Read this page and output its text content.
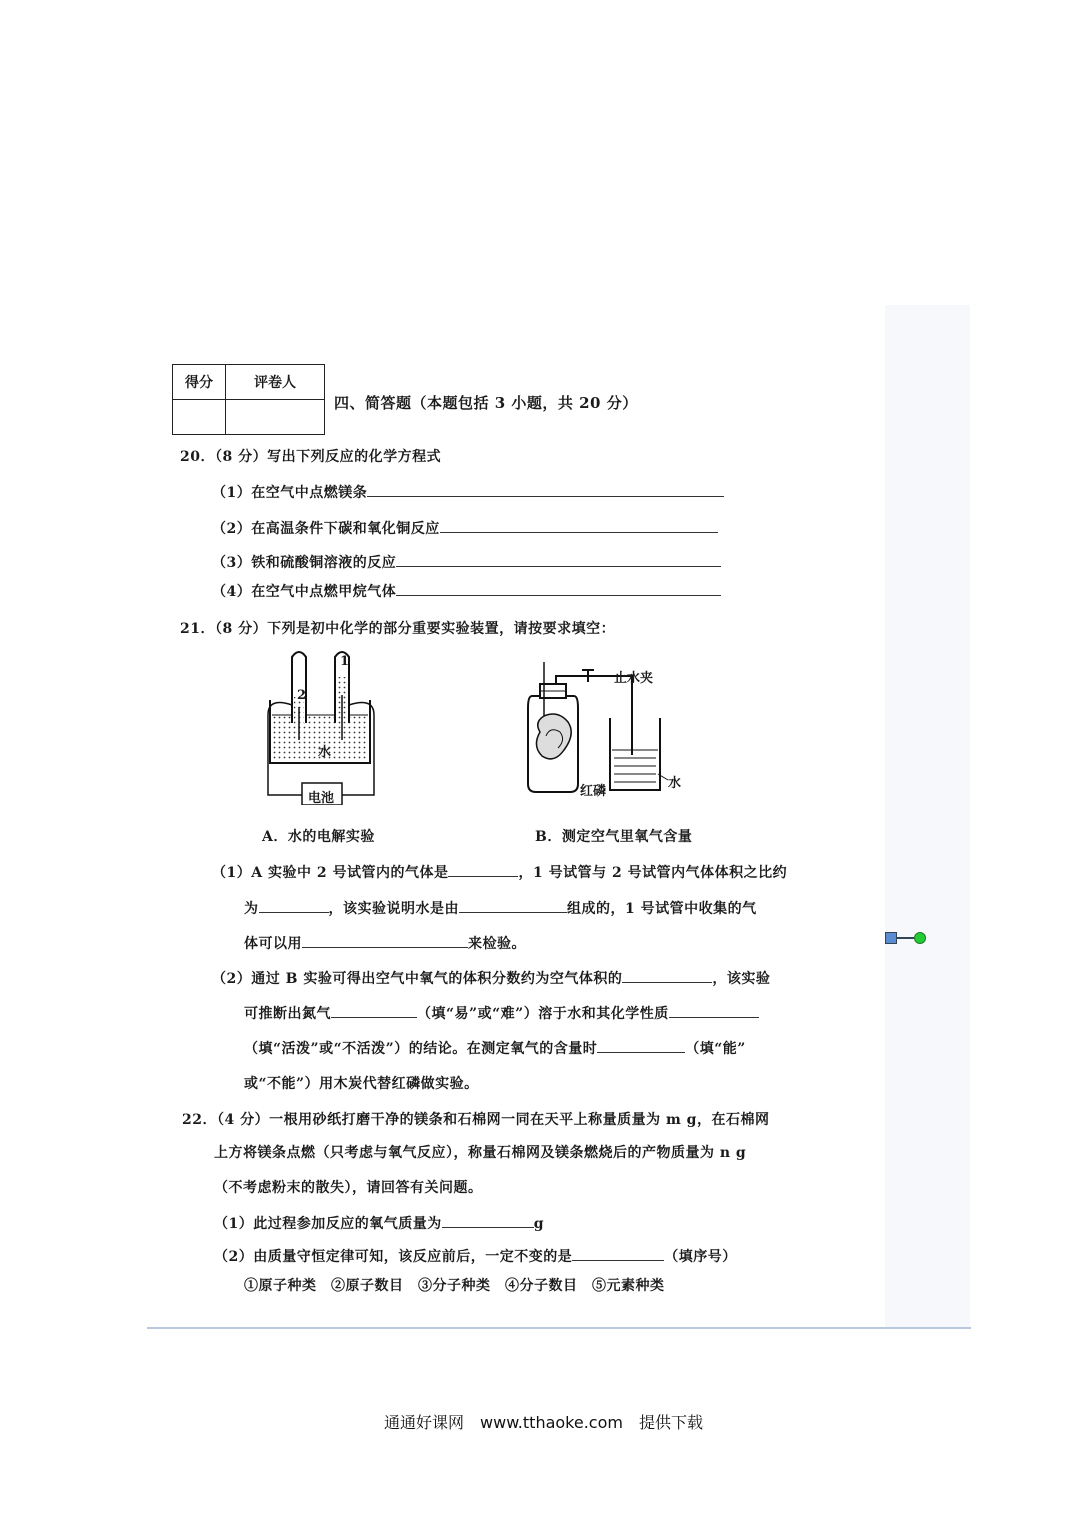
得分	评卷人

四、简答题（本题包括 3 小题，共 20 分）
20．（8 分）写出下列反应的化学方程式
（1）在空气中点燃镁条
（2）在高温条件下碳和氧化铜反应
（3）铁和硫酸铜溶液的反应
（4）在空气中点燃甲烷气体
21．（8 分）下列是初中化学的部分重要实验装置，请按要求填空：
2
1
水
电池
A．水的电解实验
止水夹
红磷
水
B．测定空气里氧气含量
（1）A 实验中 2 号试管内的气体是	，1 号试管与 2 号试管内气体体积之比约
为	，该实验说明水是由	组成的，1 号试管中收集的气
体可以用	来检验。
（2）通过 B 实验可得出空气中氧气的体积分数约为空气体积的	，该实验
可推断出氮气	（填“易”或“难”）溶于水和其化学性质
（填“活泼”或“不活泼”）的结论。在测定氧气的含量时	（填“能”
或“不能”）用木炭代替红磷做实验。
22．（4 分）一根用砂纸打磨干净的镁条和石棉网一同在天平上称量质量为 m g，在石棉网
上方将镁条点燃（只考虑与氧气反应），称量石棉网及镁条燃烧后的产物质量为 n g
（不考虑粉末的散失），请回答有关问题。
（1）此过程参加反应的氧气质量为	g
（2）由质量守恒定律可知，该反应前后，一定不变的是	（填序号）
①原子种类　②原子数目　③分子种类　④分子数目　⑤元素种类
通通好课网　www.tthaoke.com　提供下载
